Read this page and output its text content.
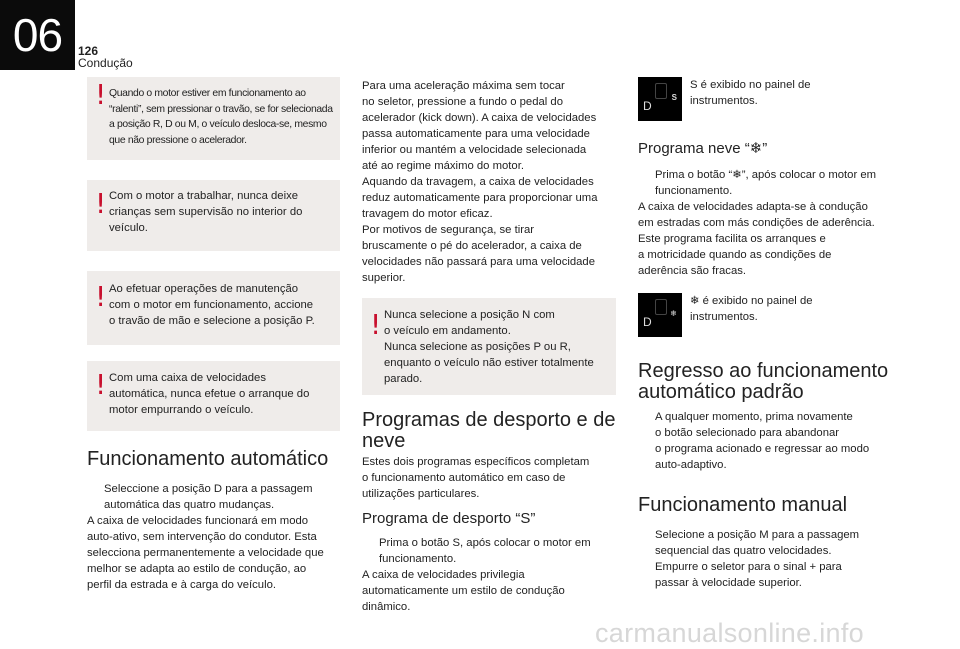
06	126
Condução
! Quando o motor estiver em funcionamento ao
“ralenti”, sem pressionar o travão, se for selecionada
a posição R, D ou M, o veículo desloca-se, mesmo
que não pressione o acelerador.
! Com o motor a trabalhar, nunca deixe
crianças sem supervisão no interior do
veículo.
! Ao efetuar operações de manutenção
com o motor em funcionamento, accione
o travão de mão e selecione a posição P.
! Com uma caixa de velocidades
automática, nunca efetue o arranque do
motor empurrando o veículo.
Funcionamento automático
Seleccione a posição D para a passagem
automática das quatro mudanças.
A caixa de velocidades funcionará em modo
auto-ativo, sem intervenção do condutor. Esta
selecciona permanentemente a velocidade que
melhor se adapta ao estilo de condução, ao
perfil da estrada e à carga do veículo.
Para uma aceleração máxima sem tocar
no seletor, pressione a fundo o pedal do
acelerador (kick down). A caixa de velocidades
passa automaticamente para uma velocidade
inferior ou mantém a velocidade selecionada
até ao regime máximo do motor.
Aquando da travagem, a caixa de velocidades
reduz automaticamente para proporcionar uma
travagem do motor eficaz.
Por motivos de segurança, se tirar
bruscamente o pé do acelerador, a caixa de
velocidades não passará para uma velocidade
superior.
! Nunca selecione a posição N com
o veículo em andamento.
Nunca selecione as posições P ou R,
enquanto o veículo não estiver totalmente
parado.
Programas de desporto e de
neve
Estes dois programas específicos completam
o funcionamento automático em caso de
utilizações particulares.
Programa de desporto “S”
Prima o botão S, após colocar o motor em
funcionamento.
A caixa de velocidades privilegia
automaticamente um estilo de condução
dinâmico.
D
S
S é exibido no painel de
instrumentos.
Programa neve “❄”
Prima o botão “❄”, após colocar o motor em
funcionamento.
A caixa de velocidades adapta-se à condução
em estradas com más condições de aderência.
Este programa facilita os arranques e
a motricidade quando as condições de
aderência são fracas.
D
❄
❄ é exibido no painel de
instrumentos.
Regresso ao funcionamento
automático padrão
A qualquer momento, prima novamente
o botão selecionado para abandonar
o programa acionado e regressar ao modo
auto-adaptivo.
Funcionamento manual
Selecione a posição M para a passagem
sequencial das quatro velocidades.
Empurre o seletor para o sinal + para
passar à velocidade superior.
carmanualsonline.info
